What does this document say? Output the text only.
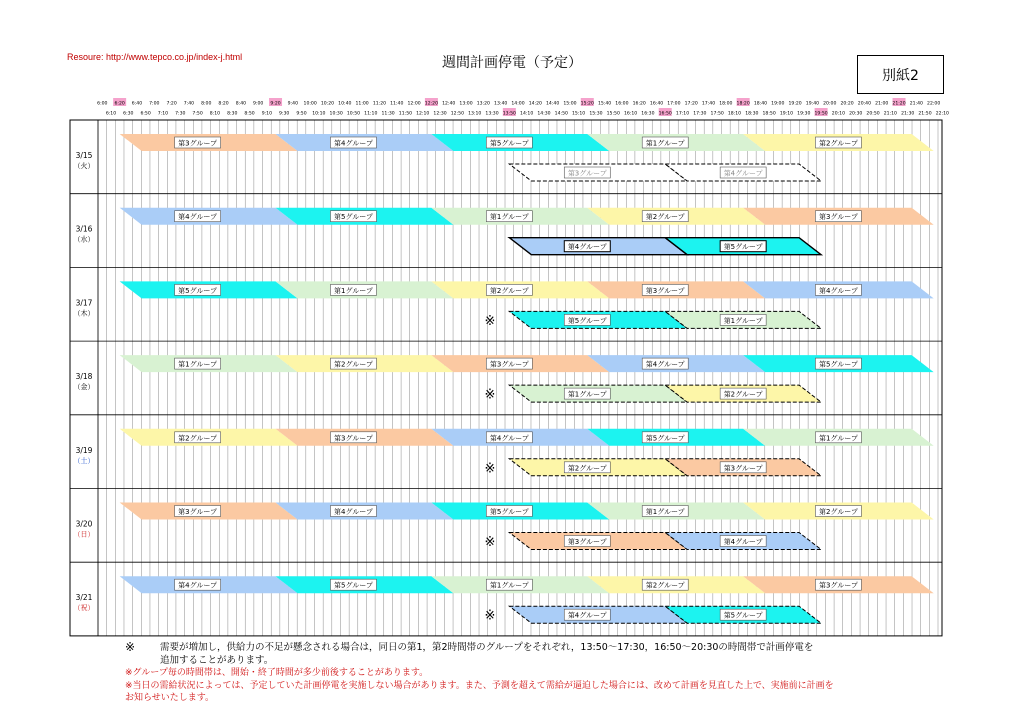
Resoure: http://www.tepco.co.jp/index-j.html	週間計画停電（予定）
別紙2
6:00 6:20 6:40 7:00 7:20 7:40 8:00 8:20 8:40 9:00 9:20 9:40 10:00 10:20 10:40 11:00 11:20 11:40 12:00 12:20 12:40 13:00 13:20 13:40 14:00 14:20 14:40 15:00 15:20 15:40 16:00 16:20 16:40 17:00 17:20 17:40 18:00 18:20 18:40 19:00 19:20 19:40 20:00 20:20 20:40 21:00 21:20 21:40 22:00
6:10 6:30 6:50 7:10 7:30 7:50 8:10 8:30 8:50 9:10 9:30 9:50 10:10 10:30 10:50 11:10 11:30 11:50 12:10 12:30 12:50 13:10 13:30 13:50 14:10 14:30 14:50 15:10 15:30 15:50 16:10 16:30 16:50 17:10 17:30 17:50 18:10 18:30 18:50 19:10 19:30 19:50 20:10 20:30 20:50 21:10 21:30 21:50 22:10
3/15
（火）
第3グループ	第4グループ	第5グループ	第1グループ	第2グループ
第3グループ	第4グループ
3/16
（水）
第4グループ	第5グループ	第1グループ	第2グループ	第3グループ
第4グループ	第5グループ
3/17
（木）
第5グループ	第1グループ	第2グループ	第3グループ	第4グループ
第5グループ	第1グループ
※
3/18
（金）
第1グループ	第2グループ	第3グループ	第4グループ	第5グループ
第1グループ	第2グループ
※
3/19
（土）
第2グループ	第3グループ	第4グループ	第5グループ	第1グループ
第2グループ	第3グループ
※
3/20
（日）
第3グループ	第4グループ	第5グループ	第1グループ	第2グループ
第3グループ	第4グループ
※
3/21
（祝）
第4グループ	第5グループ	第1グループ	第2グループ	第3グループ
第4グループ	第5グループ
※
※	需要が増加し，供給力の不足が懸念される場合は，同日の第1，第2時間帯のグループをそれぞれ，13:50～17:30，16:50～20:30の時間帯で計画停電を
追加することがあります。
※グループ毎の時間帯は、開始・終了時間が多少前後することがあります。
※当日の需給状況によっては、予定していた計画停電を実施しない場合があります。また、予測を超えて需給が逼迫した場合には、改めて計画を見直した上で、実施前に計画を
お知らせいたします。
